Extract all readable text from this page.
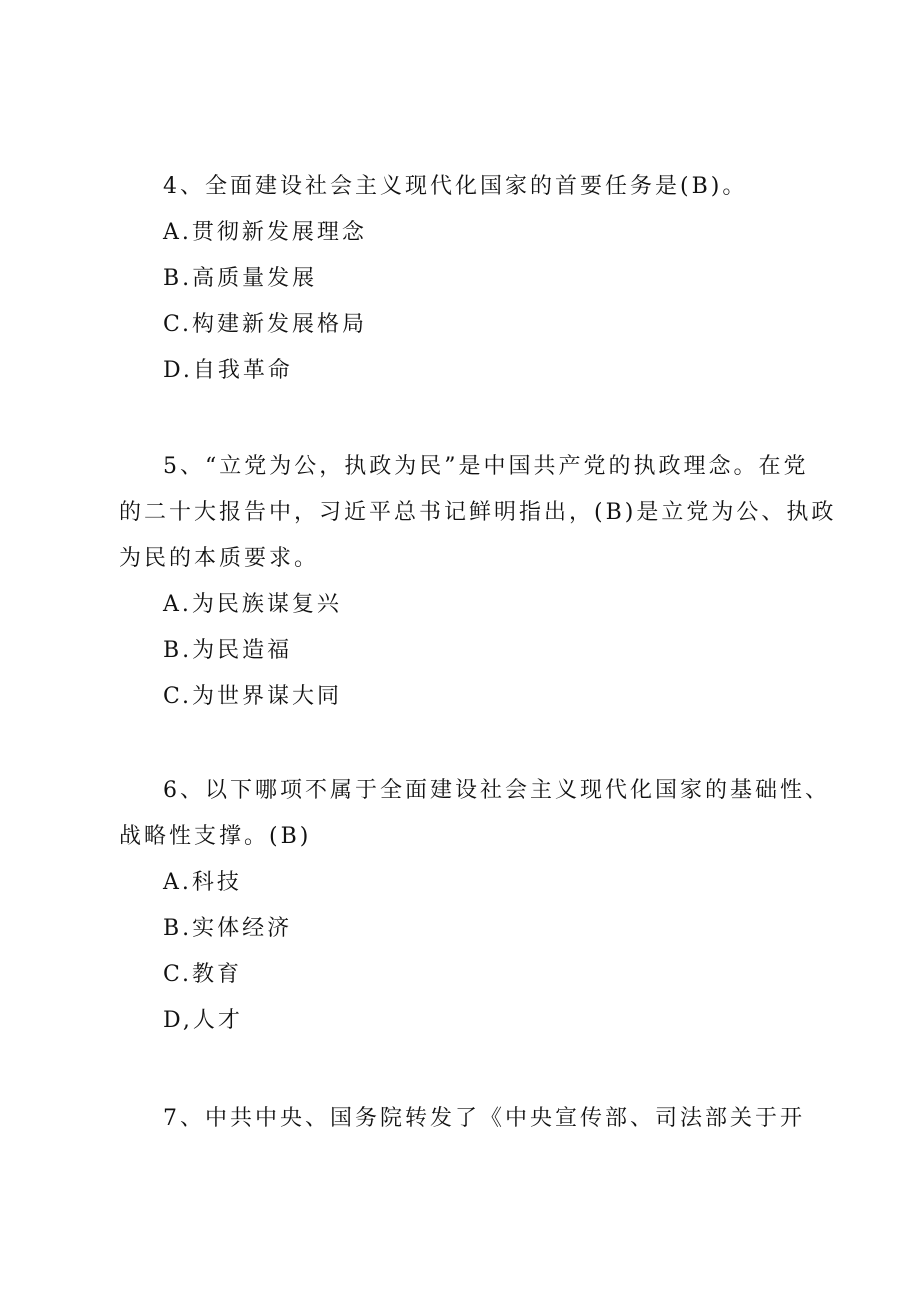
4、全面建设社会主义现代化国家的首要任务是(B)。
A.贯彻新发展理念
B.高质量发展
C.构建新发展格局
D.自我革命
5、“立党为公，执政为民”是中国共产党的执政理念。在党
的二十大报告中，习近平总书记鲜明指出，(B)是立党为公、执政
为民的本质要求。
A.为民族谋复兴
B.为民造福
C.为世界谋大同
6、以下哪项不属于全面建设社会主义现代化国家的基础性、
战略性支撑。(B)
A.科技
B.实体经济
C.教育
D,人才
7、中共中央、国务院转发了《中央宣传部、司法部关于开
